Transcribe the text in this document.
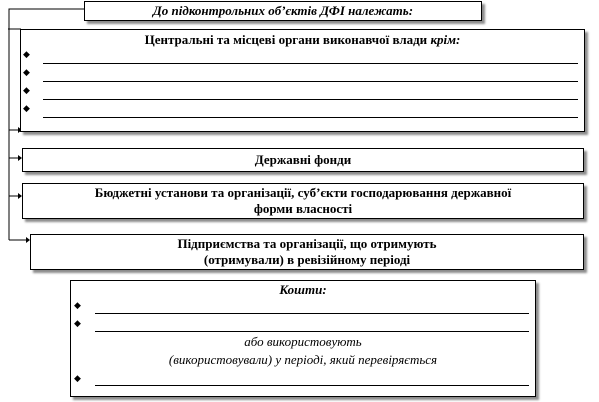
До підконтрольних об’єктів ДФІ належать:
Центральні та місцеві органи виконавчої влади крім:
◆
◆
◆
◆
Державні фонди
Бюджетні установи та організації, суб’єкти господарювання державної
форми власності
Підприємства та організації, що отримують
(отримували) в ревізійному періоді
Кошти:
◆
◆
або використовують
(використовували) у періоді, який перевіряється
◆
